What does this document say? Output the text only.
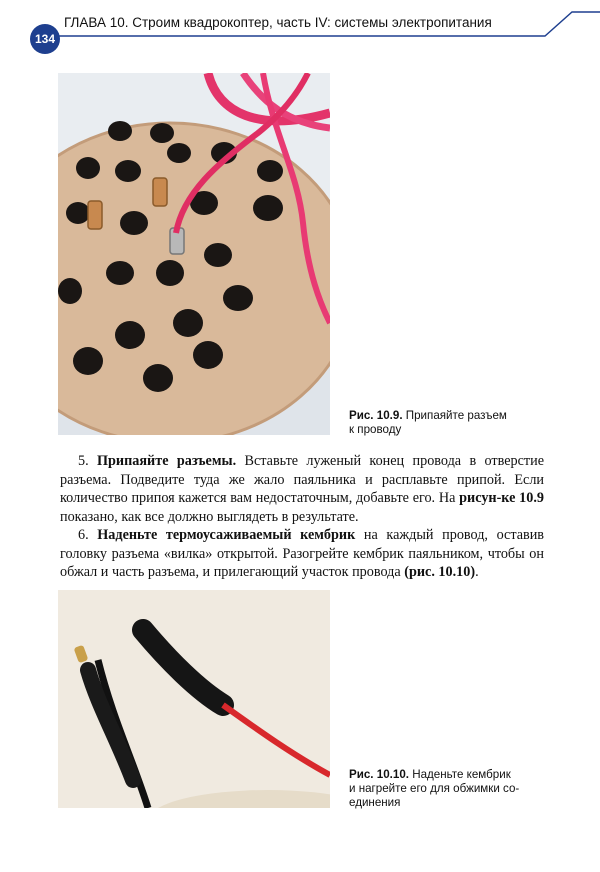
134
ГЛАВА 10. Строим квадрокоптер, часть IV: системы электропитания
Рис. 10.9. Припаяйте разъем
к проводу

5. Припаяйте разъемы. Вставьте луженый конец провода в отверстие разъема. Подведите туда же жало паяльника и расплавьте припой. Если количество припоя кажется вам недостаточным, добавьте его. На рисун-ке 10.9 показано, как все должно выглядеть в результате.

6. Наденьте термоусаживаемый кембрик на каждый провод, оставив головку разъема «вилка» открытой. Разогрейте кембрик паяльником, чтобы он обжал и часть разъема, и прилегающий участок провода (рис. 10.10).

Рис. 10.10. Наденьте кембрик
и нагрейте его для обжимки со-
единения
